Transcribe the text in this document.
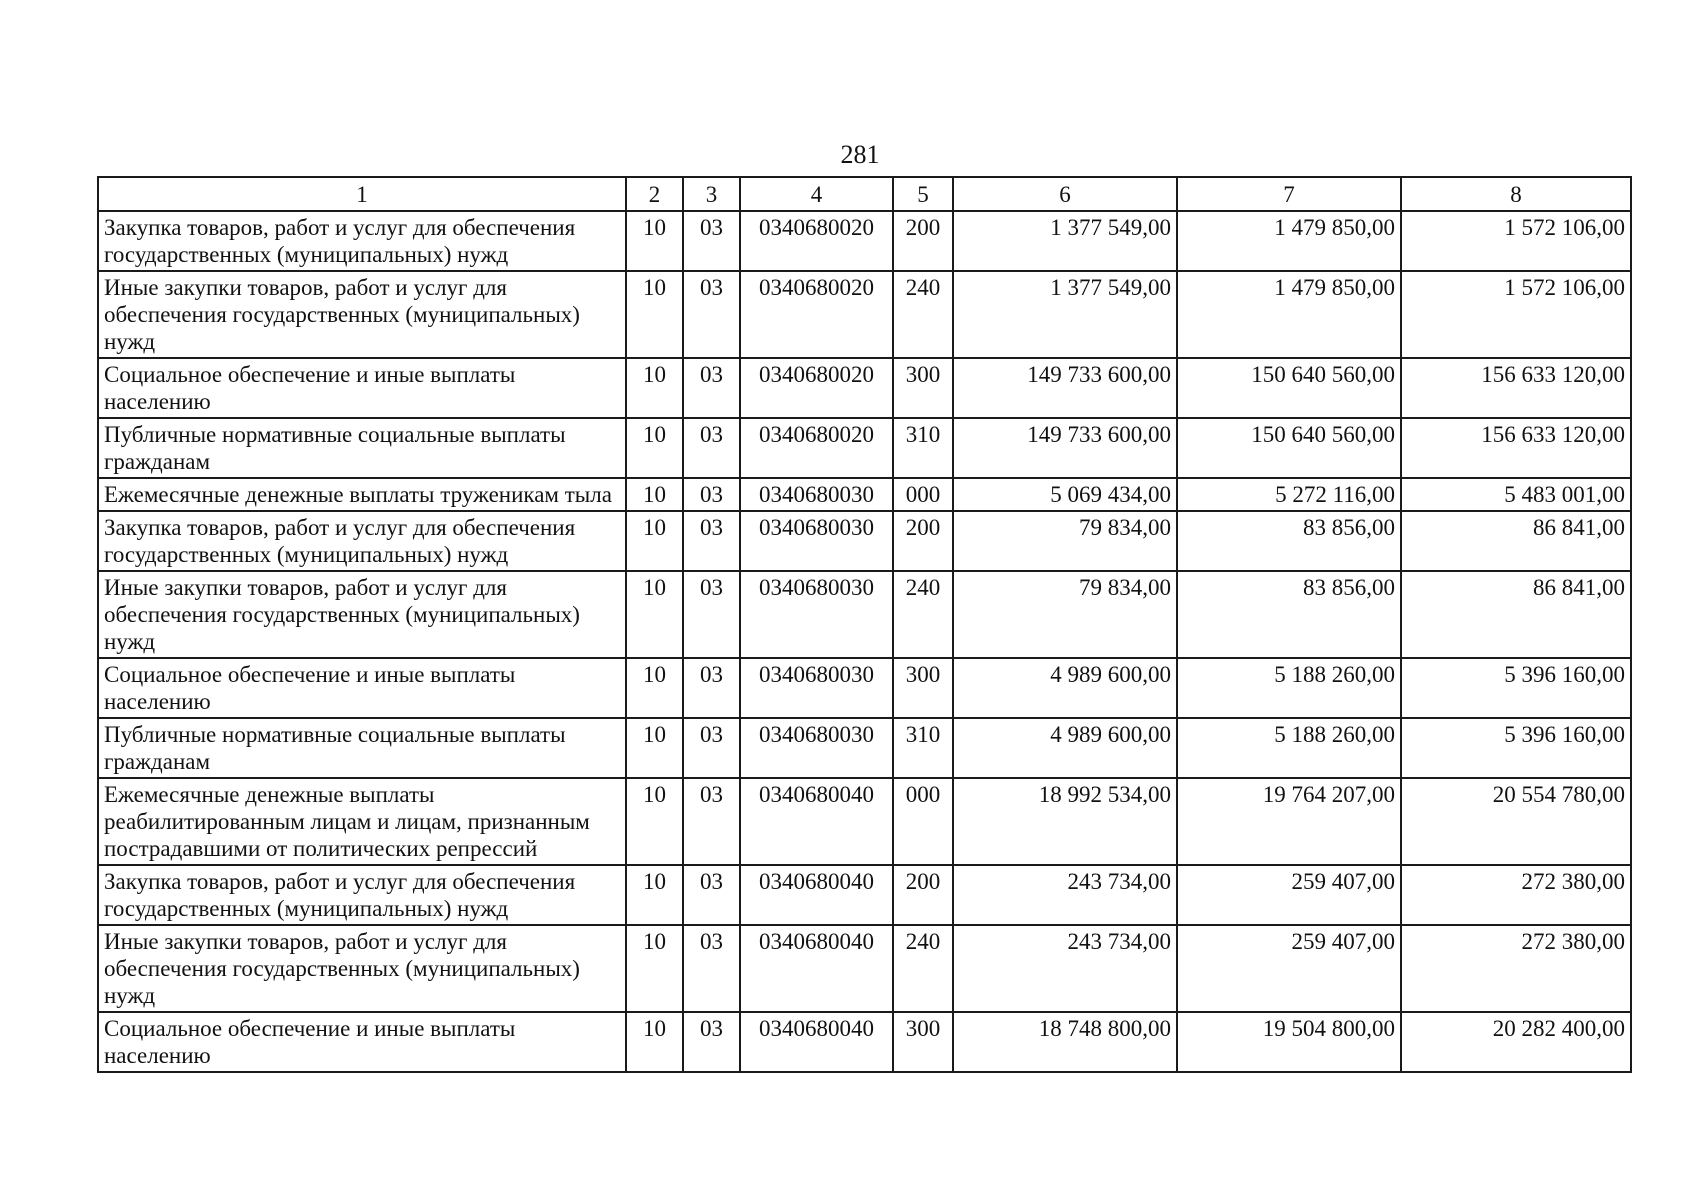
281
1	2	3	4	5	6	7	8
Закупка товаров, работ и услуг для обеспечения государственных (муниципальных) нужд	10	03	0340680020	200	1 377 549,00	1 479 850,00	1 572 106,00
Иные закупки товаров, работ и услуг для обеспечения государственных (муниципальных) нужд	10	03	0340680020	240	1 377 549,00	1 479 850,00	1 572 106,00
Социальное обеспечение и иные выплаты населению	10	03	0340680020	300	149 733 600,00	150 640 560,00	156 633 120,00
Публичные нормативные социальные выплаты гражданам	10	03	0340680020	310	149 733 600,00	150 640 560,00	156 633 120,00
Ежемесячные денежные выплаты труженикам тыла	10	03	0340680030	000	5 069 434,00	5 272 116,00	5 483 001,00
Закупка товаров, работ и услуг для обеспечения государственных (муниципальных) нужд	10	03	0340680030	200	79 834,00	83 856,00	86 841,00
Иные закупки товаров, работ и услуг для обеспечения государственных (муниципальных) нужд	10	03	0340680030	240	79 834,00	83 856,00	86 841,00
Социальное обеспечение и иные выплаты населению	10	03	0340680030	300	4 989 600,00	5 188 260,00	5 396 160,00
Публичные нормативные социальные выплаты гражданам	10	03	0340680030	310	4 989 600,00	5 188 260,00	5 396 160,00
Ежемесячные денежные выплаты реабилитированным лицам и лицам, признанным пострадавшими от политических репрессий	10	03	0340680040	000	18 992 534,00	19 764 207,00	20 554 780,00
Закупка товаров, работ и услуг для обеспечения государственных (муниципальных) нужд	10	03	0340680040	200	243 734,00	259 407,00	272 380,00
Иные закупки товаров, работ и услуг для обеспечения государственных (муниципальных) нужд	10	03	0340680040	240	243 734,00	259 407,00	272 380,00
Социальное обеспечение и иные выплаты населению	10	03	0340680040	300	18 748 800,00	19 504 800,00	20 282 400,00
